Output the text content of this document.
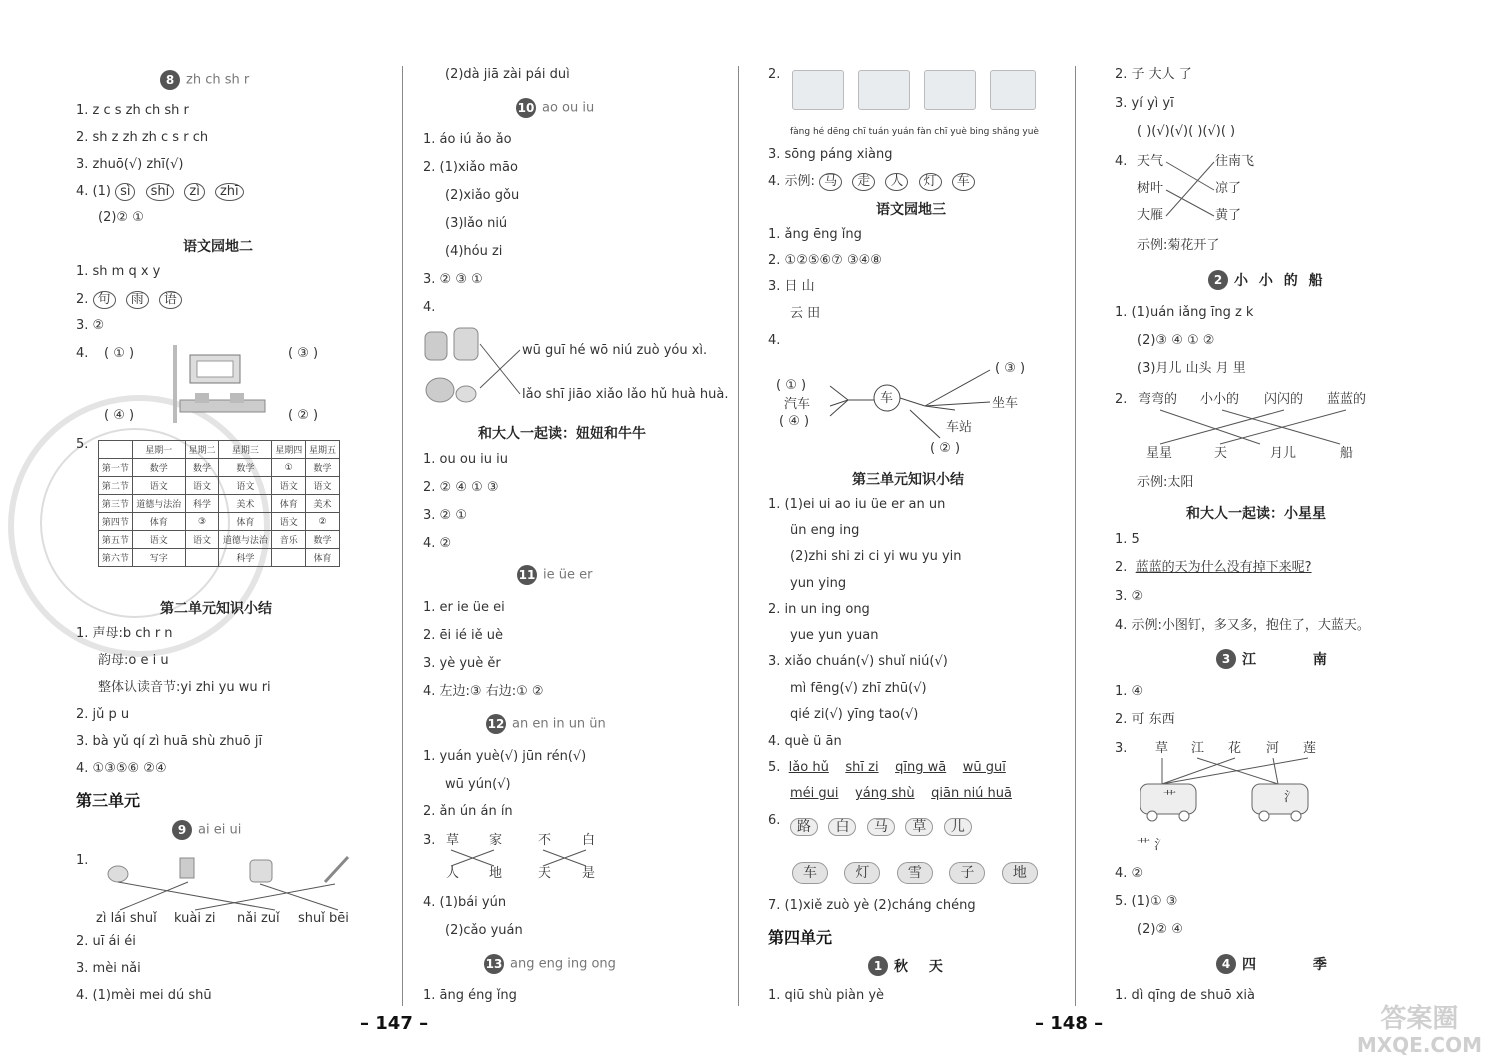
8 zh ch sh r
1. z c s zh ch sh r
2. sh z zh zh c s r ch
3. zhuō(√) zhī(√)
4. (1) sì shí zì zhī
(2)② ①
语文园地二
1. sh m q x y
2. 句 雨 语
3. ②
4. ( ① )	( ③ )
( ④ )	( ② )
5.
		星期一	星期二	星期三	星期四	星期五
第一节	数学	数学	数学	①	数学
第二节	语文	语文	语文	语文	语文
第三节	道德与法治	科学	美术	体育	美术
第四节	体育	③	体育	语文	②
第五节	语文	语文	道德与法治	音乐	数学
第六节	写字		科学		体育
第二单元知识小结
1. 声母:b ch r n
韵母:o e i u
整体认读音节:yi zhi yu wu ri
2. jǔ p u
3. bà yǔ qí zì huā shù zhuō jī
4. ①③⑤⑥ ②④
第三单元
9 ai ei ui
1.
zì lái shuǐ kuài zi nǎi zuǐ shuǐ bēi
2. uī ái éi
3. mèi nǎi
4. (1)mèi mei dú shū
(2)dà jiā zài pái duì
10 ao ou iu
1. áo iú ǎo ǎo
2. (1)xiǎo māo
(2)xiǎo gǒu
(3)lǎo niú
(4)hóu zi
3. ② ③ ①
4.
wū guī hé wō niú zuò yóu xì.
lǎo shī jiāo xiǎo lǎo hǔ huà huà.
和大人一起读：妞妞和牛牛
1. ou ou iu iu
2. ② ④ ① ③
3. ② ①
4. ②
11 ie üe er
1. er ie üe ei
2. ēi ié iě uè
3. yè yuè ěr
4. 左边:③ 右边:① ②
12 an en in un ün
1. yuán yuè(√) jūn rén(√)
wū yún(√)
2. ǎn ún án ín
3. 草 家	不 白
人 地	天 是
4. (1)bái yún
(2)cǎo yuán
13 ang eng ing ong
1. āng éng ǐng
2.
fàng hé dēng chī tuán yuán fàn chī yuè bing shǎng yuè
3. sōng páng xiàng
4. 示例: 马 走 人 灯 车
语文园地三
1. ǎng ēng ǐng
2. ①②⑤⑥⑦ ③④⑧
3. 日 山
云 田
4.
车
( ① )
汽车
( ④ )
( ③ )
坐车
车站
( ② )
第三单元知识小结
1. (1)ei ui ao iu üe er an un
ün eng ing
(2)zhi shi zi ci yi wu yu yin
yun ying
2. in un ing ong
yue yun yuan
3. xiǎo chuán(√) shuǐ niú(√)
mì fēng(√) zhī zhū(√)
qié zi(√) yīng tao(√)
4. què ü ān
5. lǎo hǔ shī zi qīng wā wū guī
méi gui yáng shù qiān niú huā
6.	路 白 马 草 儿
车	灯	雪	子	地
7. (1)xiě zuò yè (2)cháng chéng
第四单元
1 秋 天
1. qiū shù piàn yè
2. 子 大人 了
3. yí yì yī
( )(√)(√)( )(√)( )
4. 天气
树叶
大雁
往南飞
凉了
黄了
示例:菊花开了
2 小 小 的 船
1. (1)uán iǎng īng z k
(2)③ ④ ① ②
(3)月儿 山头 月 里
2. 弯弯的 小小的 闪闪的 蓝蓝的
星星	天	月儿	船
示例:太阳
和大人一起读：小星星
1. 5
2. 蓝蓝的天为什么没有掉下来呢?
3. ②
4. 示例:小图钉，多又多，抱住了，大蓝天。
3 江 南
1. ④
2. 可 东西
3. 草 江 花 河 莲
艹	氵
艹 氵
4. ②
5. (1)① ③
(2)② ④
4 四 季
1. dì qīng de shuō xià
– 147 –	– 148 –	答案圈
MXQE.COM
